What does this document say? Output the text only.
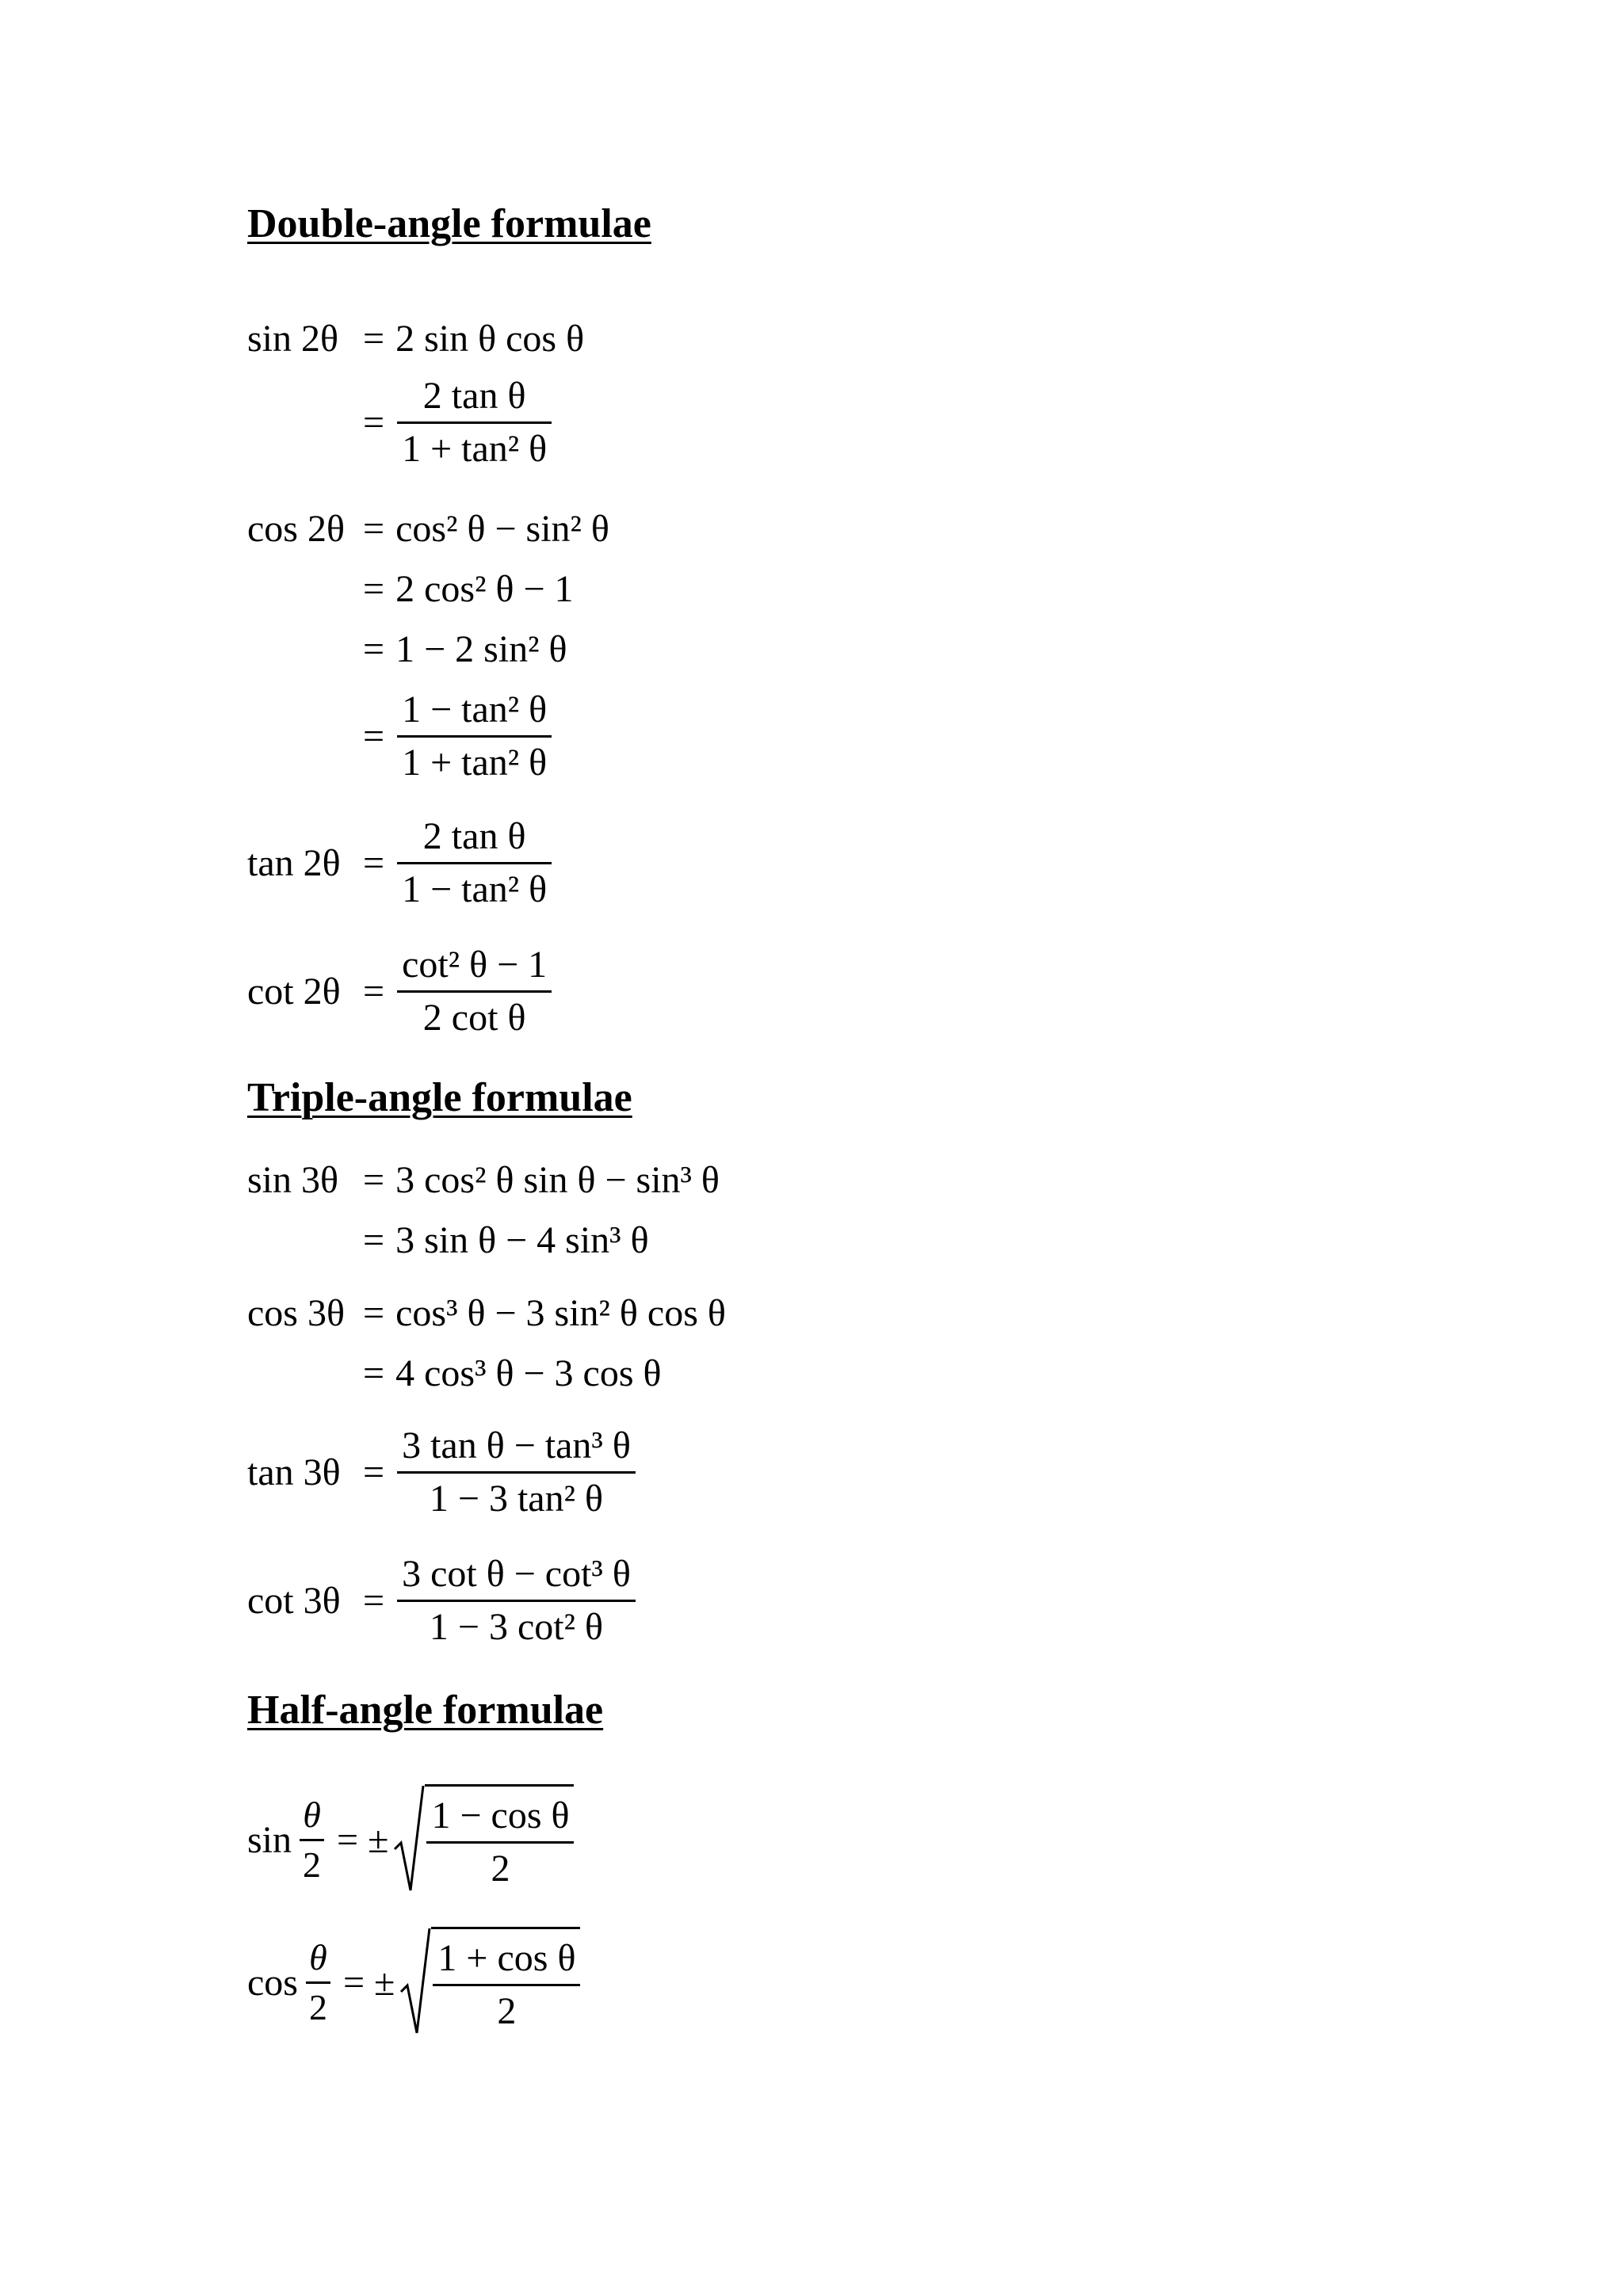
Double-angle formulae
sin 2θ = 2 sin θ cos θ
= $\frac{\text{2 tan θ}}{\text{1 + tan² θ}}$
cos 2θ = cos² θ − sin² θ
= 2 cos² θ − 1
= 1 − 2 sin² θ
= $\frac{\text{1 − tan² θ}}{\text{1 + tan² θ}}$
$\tan 2\theta = \frac{\text{2 tan θ}}{\text{1 − tan² θ}}$
$\cot 2\theta = \frac{\text{cot² θ − 1}}{\text{2 cot θ}}$
Triple-angle formulae
sin 3θ = 3 cos² θ sin θ − sin³ θ
= 3 sin θ − 4 sin³ θ
cos 3θ = cos³ θ − 3 sin² θ cos θ
= 4 cos³ θ − 3 cos θ
$\tan 3\theta = \frac{\text{3 tan θ − tan³ θ}}{\text{1 − 3 tan² θ}}$
$\cot 3\theta = \frac{\text{3 cot θ − cot³ θ}}{\text{1 − 3 cot² θ}}$
Half-angle formulae
$\sin \frac{\theta}{2}$ = ± $\frac{\text{1 − cos θ}}{2}$
$\cos \frac{\theta}{2}$ = ± $\frac{\text{1 + cos θ}}{2}$
